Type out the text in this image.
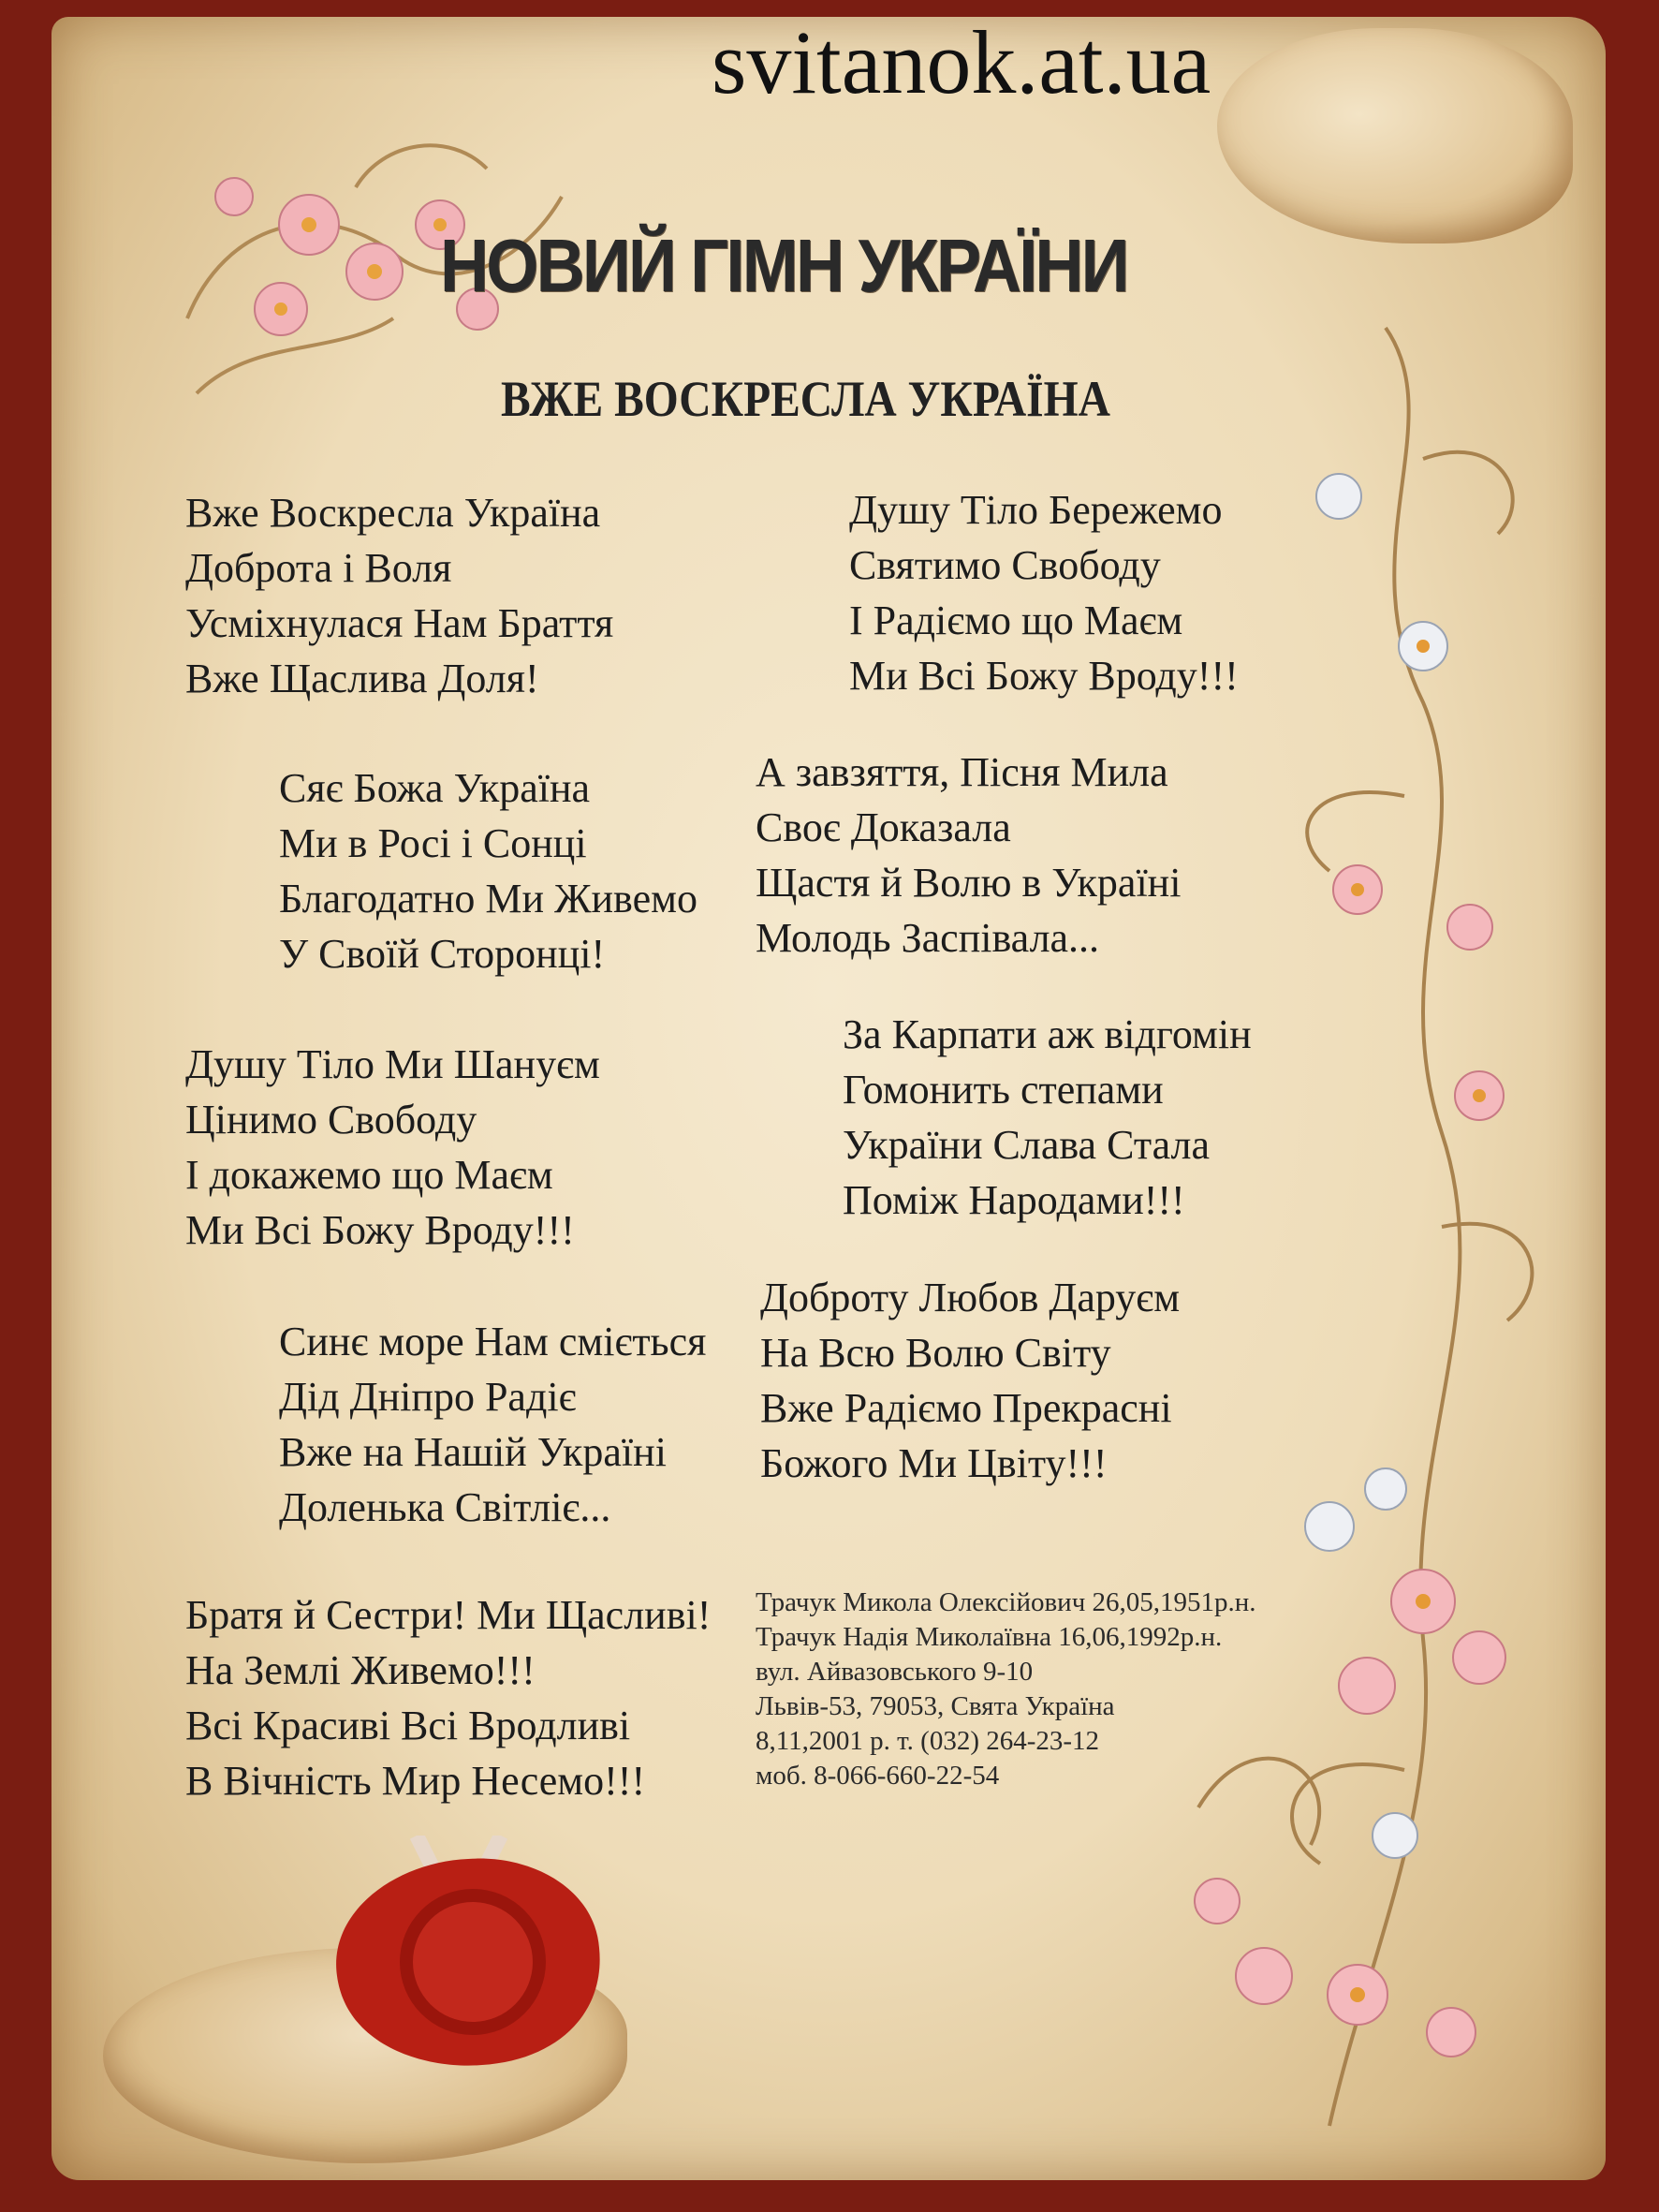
svitanok.at.ua
НОВИЙ ГІМН УКРАЇНИ
ВЖЕ ВОСКРЕСЛА УКРАЇНА
Вже Воскресла Україна
Доброта і Воля
Усміхнулася Нам Браття
Вже Щаслива Доля!
Сяє Божа Україна
Ми в Росі і Сонці
Благодатно Ми Живемо
У Своїй Сторонці!
Душу Тіло Ми Шануєм
Цінимо Свободу
І докажемо що Маєм
Ми Всі Божу Вроду!!!
Синє море Нам сміється
Дід Дніпро Радіє
Вже на Нашій Україні
Доленька Світліє...
Братя й Сестри! Ми Щасливі!
На Землі Живемо!!!
Всі Красиві Всі Вродливі
В Вічність Мир Несемо!!!
Душу Тіло Бережемо
Святимо Свободу
І Радіємо що Маєм
Ми Всі Божу Вроду!!!
А завзяття, Пісня Мила
Своє Доказала
Щастя й Волю в Україні
Молодь Заспівала...
За Карпати аж відгомін
Гомонить степами
України Слава Стала
Поміж Народами!!!
Доброту Любов Даруєм
На Всю Волю Світу
Вже Радіємо Прекрасні
Божого Ми Цвіту!!!
Трачук Микола Олексійович 26,05,1951р.н.
Трачук Надія Миколаївна 16,06,1992р.н.
вул. Айвазовського 9-10
Львів-53, 79053, Свята Україна
8,11,2001 р. т. (032) 264-23-12
моб. 8-066-660-22-54
